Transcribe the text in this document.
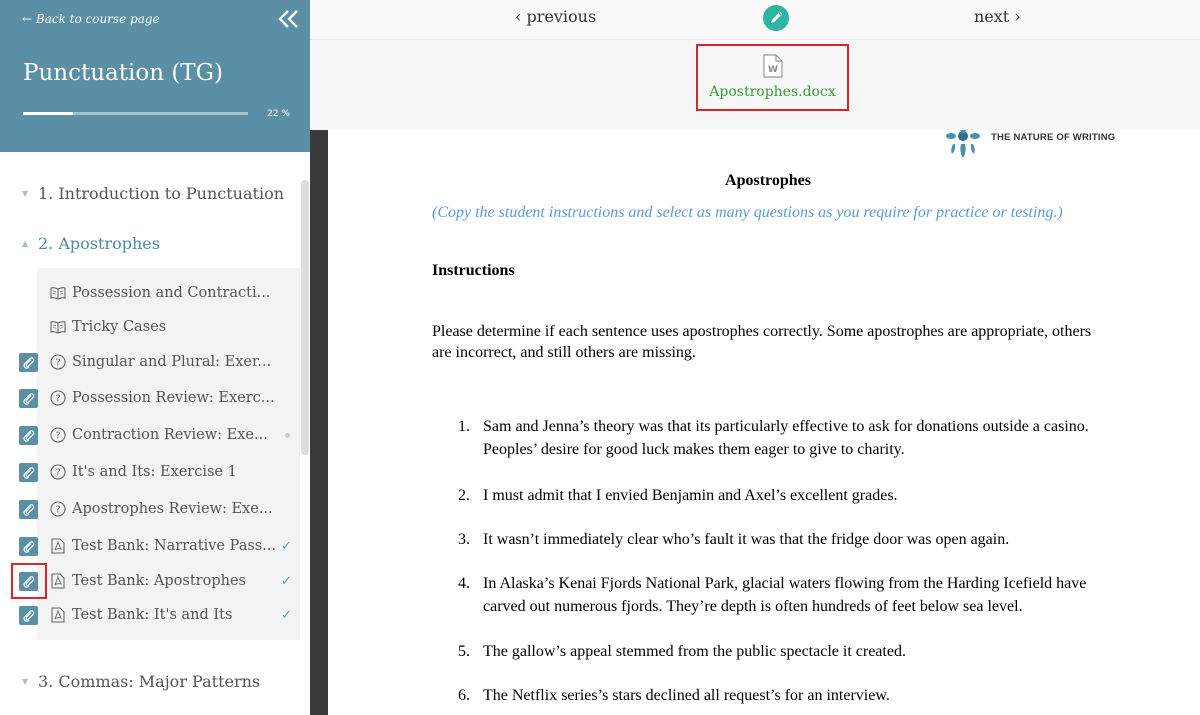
← Back to course page
Punctuation (TG)
22 %
▼ 1. Introduction to Punctuation
▲ 2. Apostrophes
Possession and Contracti...
Tricky Cases
? Singular and Plural: Exer...
? Possession Review: Exerc...
? Contraction Review: Exe...
? It's and Its: Exercise 1
? Apostrophes Review: Exe...
Test Bank: Narrative Pass... ✓
Test Bank: Apostrophes	✓
Test Bank: It's and Its	✓
▼ 3. Commas: Major Patterns
‹ previous	next ›
W
Apostrophes.docx
THE NATURE OF WRITING
Apostrophes
(Copy the student instructions and select as many questions as you require for practice or testing.)
Instructions
Please determine if each sentence uses apostrophes correctly. Some apostrophes are appropriate, others are incorrect, and still others are missing.
1. Sam and Jenna’s theory was that its particularly effective to ask for donations outside a casino. Peoples’ desire for good luck makes them eager to give to charity.
2. I must admit that I envied Benjamin and Axel’s excellent grades.
3. It wasn’t immediately clear who’s fault it was that the fridge door was open again.
4. In Alaska’s Kenai Fjords National Park, glacial waters flowing from the Harding Icefield have carved out numerous fjords. They’re depth is often hundreds of feet below sea level.
5. The gallow’s appeal stemmed from the public spectacle it created.
6. The Netflix series’s stars declined all request’s for an interview.
